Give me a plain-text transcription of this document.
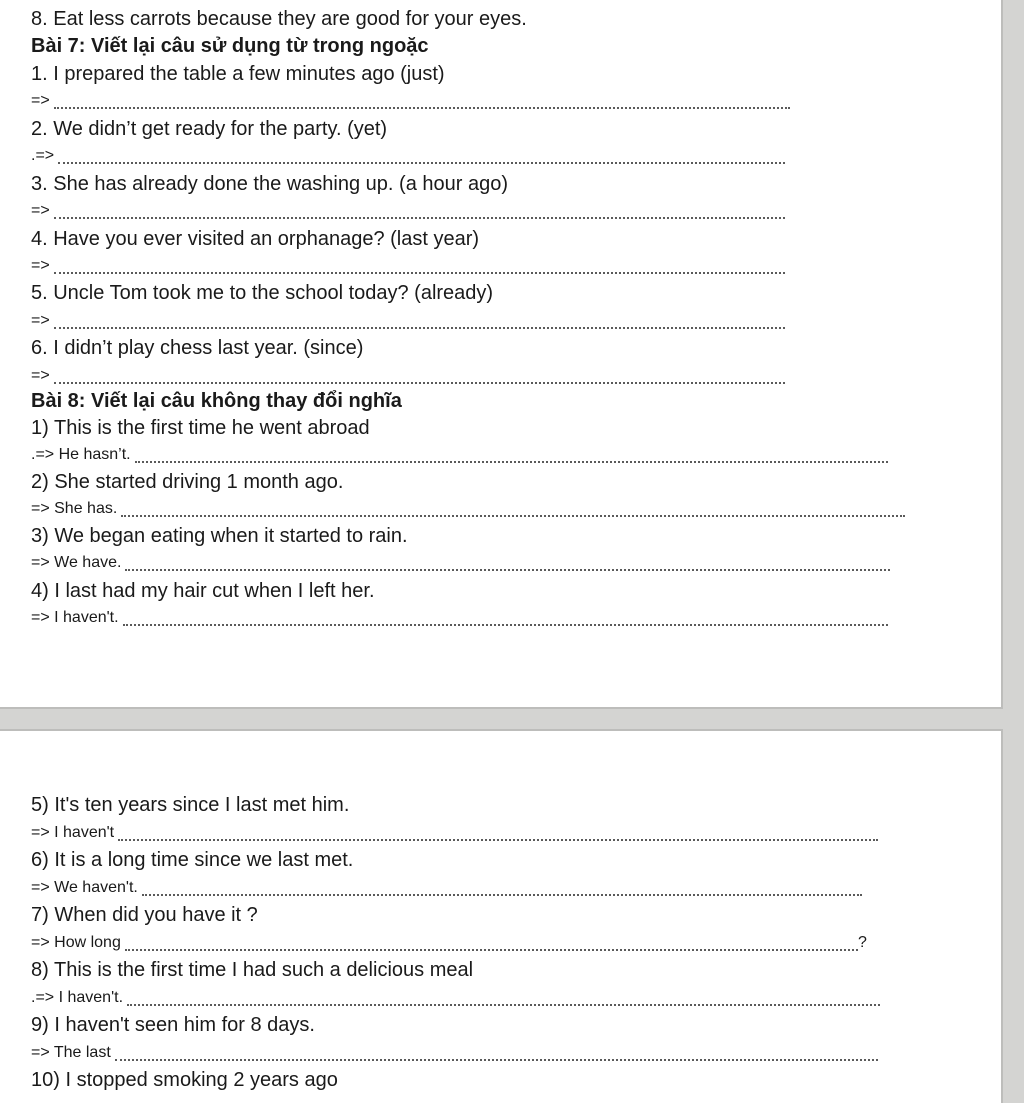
8. Eat less carrots because they are good for your eyes.
Bài 7: Viết lại câu sử dụng từ trong ngoặc
1. I prepared the table a few minutes ago (just)
=>
2. We didn’t get ready for the party. (yet)
.=>
3. She has already done the washing up. (a hour ago)
=>
4. Have you ever visited an orphanage? (last year)
=>
5. Uncle Tom took me to the school today? (already)
=>
6. I didn’t play chess last year. (since)
=>
Bài 8: Viết lại câu không thay đổi nghĩa
1) This is the first time he went abroad
.=> He hasn’t.
2) She started driving 1 month ago.
=> She has.
3) We began eating when it started to rain.
=> We have.
4) I last had my hair cut when I left her.
=> I haven't.
5) It's ten years since I last met him.
=> I haven't
6) It is a long time since we last met.
=> We haven't.
7) When did you have it ?
=> How long	?
8) This is the first time I had such a delicious meal
.=> I haven't.
9) I haven't seen him for 8 days.
=> The last
10) I stopped smoking 2 years ago
